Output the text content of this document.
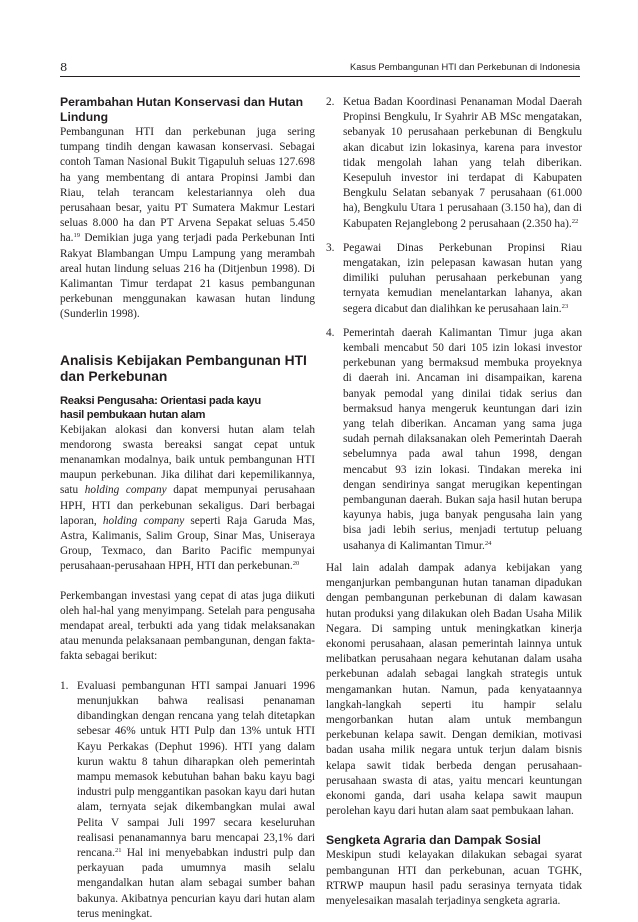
8	Kasus Pembangunan HTI dan Perkebunan di Indonesia
Perambahan Hutan Konservasi dan Hutan Lindung

Pembangunan HTI dan perkebunan juga sering tumpang tindih dengan kawasan konservasi. Sebagai contoh Taman Nasional Bukit Tigapuluh seluas 127.698 ha yang membentang di antara Propinsi Jambi dan Riau, telah terancam kelestariannya oleh dua perusahaan besar, yaitu PT Sumatera Makmur Lestari seluas 8.000 ha dan PT Arvena Sepakat seluas 5.450 ha.$^{19}$ Demikian juga yang terjadi pada Perkebunan Inti Rakyat Blambangan Umpu Lampung yang merambah areal hutan lindung seluas 216 ha (Ditjenbun 1998). Di Kalimantan Timur terdapat 21 kasus pembangunan perkebunan menggunakan kawasan hutan lindung (Sunderlin 1998).

Analisis Kebijakan Pembangunan HTI dan Perkebunan
Reaksi Pengusaha: Orientasi pada kayu
hasil pembukaan hutan alam

Kebijakan alokasi dan konversi hutan alam telah mendorong swasta bereaksi sangat cepat untuk menanamkan modalnya, baik untuk pembangunan HTI maupun perkebunan. Jika dilihat dari kepemilikannya, satu holding company dapat mempunyai perusahaan HPH, HTI dan perkebunan sekaligus. Dari berbagai laporan, holding company seperti Raja Garuda Mas, Astra, Kalimanis, Salim Group, Sinar Mas, Uniseraya Group, Texmaco, dan Barito Pacific mempunyai perusahaan-perusahaan HPH, HTI dan perkebunan.$^{20}$

Perkembangan investasi yang cepat di atas juga diikuti oleh hal-hal yang menyimpang. Setelah para pengusaha mendapat areal, terbukti ada yang tidak melaksanakan atau menunda pelaksanaan pembangunan, dengan fakta-fakta sebagai berikut:

1. Evaluasi pembangunan HTI sampai Januari 1996 menunjukkan bahwa realisasi penanaman dibandingkan dengan rencana yang telah ditetapkan sebesar 46% untuk HTI Pulp dan 13% untuk HTI Kayu Perkakas (Dephut 1996). HTI yang dalam kurun waktu 8 tahun diharapkan oleh pemerintah mampu memasok kebutuhan bahan baku kayu bagi industri pulp menggantikan pasokan kayu dari hutan alam, ternyata sejak dikembangkan mulai awal Pelita V sampai Juli 1997 secara keseluruhan realisasi penanamannya baru mencapai 23,1% dari rencana.$^{21}$ Hal ini menyebabkan industri pulp dan perkayuan pada umumnya masih selalu mengandalkan hutan alam sebagai sumber bahan bakunya. Akibatnya pencurian kayu dari hutan alam terus meningkat.
2. Ketua Badan Koordinasi Penanaman Modal Daerah Propinsi Bengkulu, Ir Syahrir AB MSc mengatakan, sebanyak 10 perusahaan perkebunan di Bengkulu akan dicabut izin lokasinya, karena para investor tidak mengolah lahan yang telah diberikan. Kesepuluh investor ini terdapat di Kabupaten Bengkulu Selatan sebanyak 7 perusahaan (61.000 ha), Bengkulu Utara 1 perusahaan (3.150 ha), dan di Kabupaten Rejanglebong 2 perusahaan (2.350 ha).$^{22}$
3. Pegawai Dinas Perkebunan Propinsi Riau mengatakan, izin pelepasan kawasan hutan yang dimiliki puluhan perusahaan perkebunan yang ternyata kemudian menelantarkan lahanya, akan segera dicabut dan dialihkan ke perusahaan lain.$^{23}$
4. Pemerintah daerah Kalimantan Timur juga akan kembali mencabut 50 dari 105 izin lokasi investor perkebunan yang bermaksud membuka proyeknya di daerah ini. Ancaman ini disampaikan, karena banyak pemodal yang dinilai tidak serius dan bermaksud hanya mengeruk keuntungan dari izin yang telah diberikan. Ancaman yang sama juga sudah pernah dilaksanakan oleh Pemerintah Daerah sebelumnya pada awal tahun 1998, dengan mencabut 93 izin lokasi. Tindakan mereka ini dengan sendirinya sangat merugikan kepentingan pembangunan daerah. Bukan saja hasil hutan berupa kayunya habis, juga banyak pengusaha lain yang bisa jadi lebih serius, menjadi tertutup peluang usahanya di Kalimantan Timur.$^{24}$

Hal lain adalah dampak adanya kebijakan yang menganjurkan pembangunan hutan tanaman dipadukan dengan pembangunan perkebunan di dalam kawasan hutan produksi yang dilakukan oleh Badan Usaha Milik Negara. Di samping untuk meningkatkan kinerja ekonomi perusahaan, alasan pemerintah lainnya untuk melibatkan perusahaan negara kehutanan dalam usaha perkebunan adalah sebagai langkah strategis untuk mengamankan hutan. Namun, pada kenyataannya langkah-langkah seperti itu hampir selalu mengorbankan hutan alam untuk membangun perkebunan kelapa sawit. Dengan demikian, motivasi badan usaha milik negara untuk terjun dalam bisnis kelapa sawit tidak berbeda dengan perusahaan-perusahaan swasta di atas, yaitu mencari keuntungan ekonomi ganda, dari usaha kelapa sawit maupun perolehan kayu dari hutan alam saat pembukaan lahan.

Sengketa Agraria dan Dampak Sosial

Meskipun studi kelayakan dilakukan sebagai syarat pembangunan HTI dan perkebunan, acuan TGHK, RTRWP maupun hasil padu serasinya ternyata tidak menyelesaikan masalah terjadinya sengketa agraria.
